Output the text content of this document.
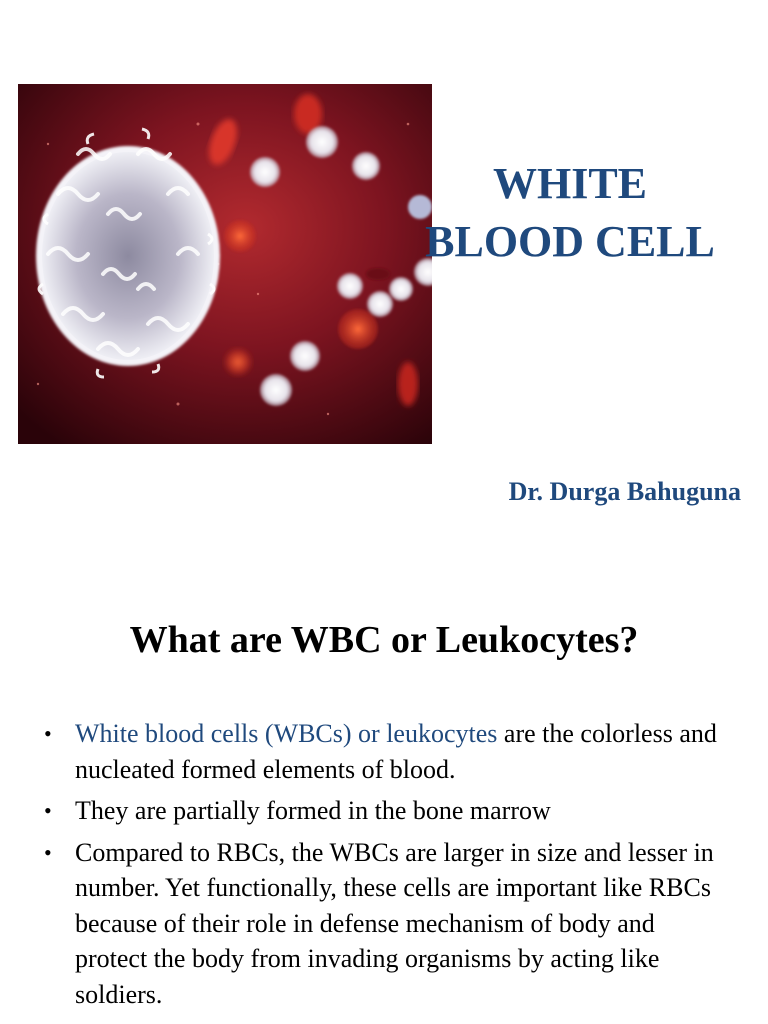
WHITE
BLOOD CELL
Dr. Durga Bahuguna
What are WBC or Leukocytes?
• White blood cells (WBCs) or leukocytes are the colorless and nucleated formed elements of blood.
• They are partially formed in the bone marrow
• Compared to RBCs, the WBCs are larger in size and lesser in number. Yet functionally, these cells are important like RBCs because of their role in defense mechanism of body and protect the body from invading organisms by acting like soldiers.
